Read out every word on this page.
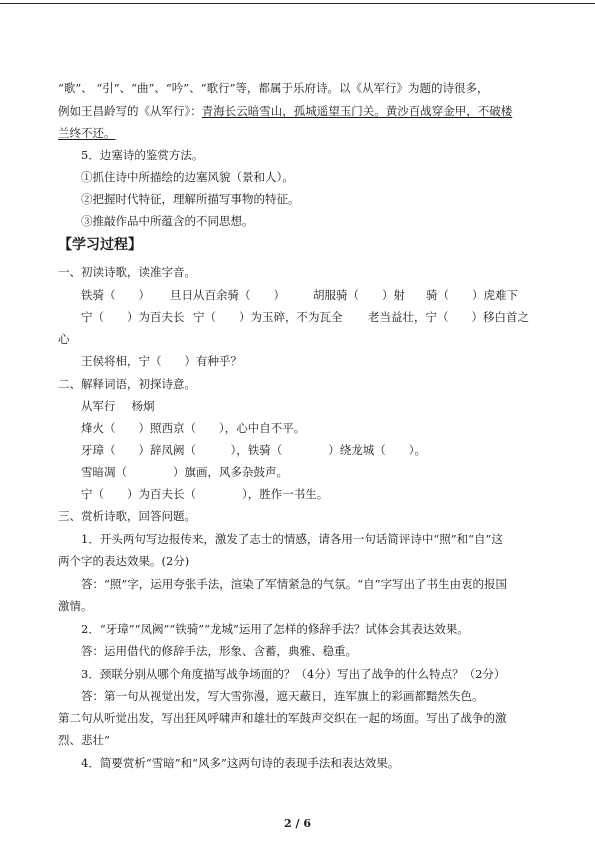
“歌”、 “引”、“曲”、“吟”、“歌行”等，都属于乐府诗。以《从军行》为题的诗很多，
例如王昌龄写的《从军行》：青海长云暗雪山，孤城遥望玉门关。黄沙百战穿金甲，不破楼
兰终不还。
5．边塞诗的鉴赏方法。
①抓住诗中所描绘的边塞风貌（景和人）。
②把握时代特征，理解所描写事物的特征。
③推敲作品中所蕴含的不同思想。
【学习过程】
一、初读诗歌，读准字音。
铁骑（　　） 旦日从百余骑（　　） 胡服骑（　　）射 骑（　　）虎难下
宁（　　）为百夫长 宁（　　）为玉碎，不为瓦全 老当益壮，宁（　　）移白首之
心
王侯将相，宁（　　）有种乎？
二、解释词语，初探诗意。
从军行 杨炯
烽火（　　）照西京（　　），心中自不平。
牙璋（　　）辞凤阙（　　　），铁骑（　　　　）绕龙城（　　）。
雪暗凋（　　　　）旗画，风多杂鼓声。
宁（　　）为百夫长（　　　　），胜作一书生。
三、赏析诗歌，回答问题。
1．开头两句写边报传来，激发了志士的情感，请各用一句话简评诗中“照”和“自”这
两个字的表达效果。(2分)
答：“照”字，运用夸张手法，渲染了军情紧急的气氛。“自”字写出了书生由衷的报国
激情。
2．“牙璋”“凤阙”“铁骑”“龙城”运用了怎样的修辞手法？试体会其表达效果。
答：运用借代的修辞手法，形象、含蓄，典雅、稳重。
3．颈联分别从哪个角度描写战争场面的？（4分）写出了战争的什么特点？（2分）
答：第一句从视觉出发，写大雪弥漫，遮天蔽日，连军旗上的彩画都黯然失色。
第二句从听觉出发，写出狂风呼啸声和雄壮的军鼓声交织在一起的场面。写出了战争的激
烈、悲壮“
4．简要赏析“雪暗”和“风多”这两句诗的表现手法和表达效果。
2 / 6
